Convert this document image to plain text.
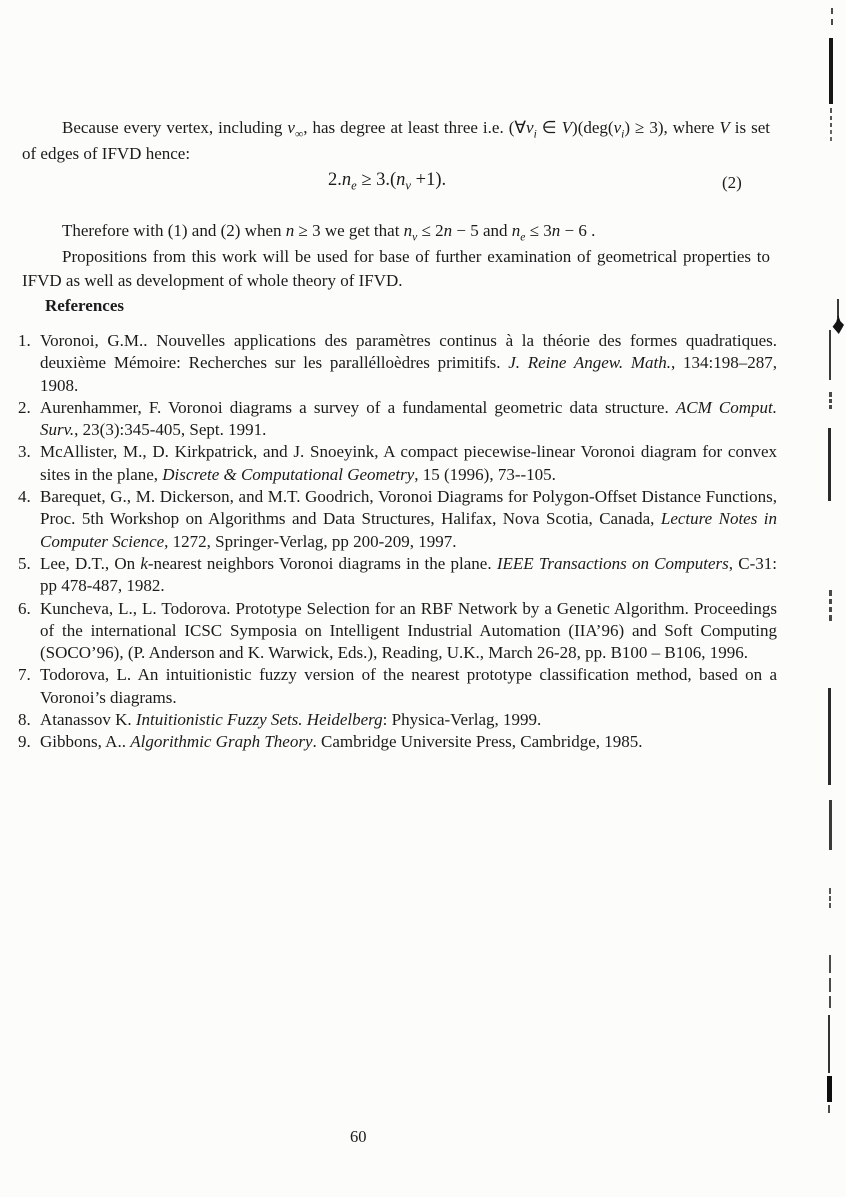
Because every vertex, including $v_\infty$, has degree at least three i.e. ($\forall v_i$ ∈ $V)(deg(v_i) \ge 3)$, where V is set of edges of IFVD hence:

$2.n_e \ge 3.(n_v +1)$.	(2)

Therefore with (1) and (2) when n ≥ 3 we get that $n_v \le 2n - 5$ and $n_e \le 3n - 6$ .

Propositions from this work will be used for base of further examination of geometrical properties to IFVD as well as development of whole theory of IFVD.

References
1. Voronoi, G.M.. Nouvelles applications des paramètres continus à la théorie des formes quadratiques. deuxième Mémoire: Recherches sur les parallélloèdres primitifs. J. Reine Angew. Math., 134:198–287, 1908.
2. Aurenhammer, F. Voronoi diagrams a survey of a fundamental geometric data structure. ACM Comput. Surv., 23(3):345-405, Sept. 1991.
3. McAllister, M., D. Kirkpatrick, and J. Snoeyink, A compact piecewise-linear Voronoi diagram for convex sites in the plane, Discrete & Computational Geometry, 15 (1996), 73--105.
4. Barequet, G., M. Dickerson, and M.T. Goodrich, Voronoi Diagrams for Polygon-Offset Distance Functions, Proc. 5th Workshop on Algorithms and Data Structures, Halifax, Nova Scotia, Canada, Lecture Notes in Computer Science, 1272, Springer-Verlag, pp 200-209, 1997.
5. Lee, D.T., On k-nearest neighbors Voronoi diagrams in the plane. IEEE Transactions on Computers, C-31: pp 478-487, 1982.
6. Kuncheva, L., L. Todorova. Prototype Selection for an RBF Network by a Genetic Algorithm. Proceedings of the international ICSC Symposia on Intelligent Industrial Automation (IIA’96) and Soft Computing (SOCO’96), (P. Anderson and K. Warwick, Eds.), Reading, U.K., March 26-28, pp. B100 – B106, 1996.
7. Todorova, L. An intuitionistic fuzzy version of the nearest prototype classification method, based on a Voronoi’s diagrams.
8. Atanassov K. Intuitionistic Fuzzy Sets. Heidelberg: Physica-Verlag, 1999.
9. Gibbons, A.. Algorithmic Graph Theory. Cambridge Universite Press, Cambridge, 1985.
60
